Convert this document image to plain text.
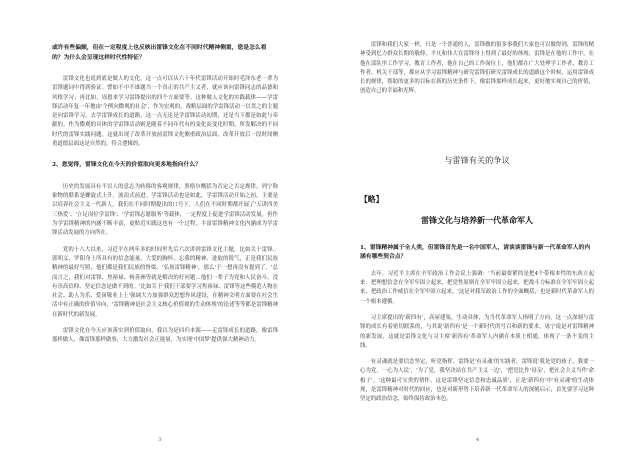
或许有些偏颇，但在一定程度上也反映出雷锋文化在不同时代精神侧重，您是怎么看的？为什么会呈现这样时代性特征？

雷锋文化也说到底是做人的文化，这一点可以从六十年代雷锋活动开始时毛泽东老一辈为雷锋题词中得到验证。譬如不中不谁题当一个真正的共产主义者，就应该向雷锋同志的品德和风格学习；再比如，周恩来学习雷锋提出的四个方面要等。这种做人文化的实践载体——学雷锋活动年复一年地由'个例向微观的社会'，作为宏观的，战略层面的学雷锋活动一以贯之的主题是向雷锋学习，去学雷锋成长的道路，这一点无论是学雷锋活动初期，还是当下都是如此与奉献的。作为微观的具体的学雷锋活动则是随着不同年代有的变化而变化时期，所发解决的不同时代的雷锋实践问题。这就出现了改革开放前雷锋文化侧重政治层面，改革开放后一段时间侧重道德层面这是自然的，符合逻辑的。

2、您觉得，雷锋文化在今天的价值取向更多地指向什么？

历史的发展具有不以人的意志为转移的客观规律，黑格尔概括为否定之否定规律，列宁称象物的联系是螺旋式上升，波浪式前进。学雷锋活动也是如此，学雷锋活动开始之初，主要是以培养社会主义一代新人，我们在不同时期提出的口号下，人们在不同时期都开展了'五讲四美三热爱'、'立足岗位学雷锋'、'学雷锋志愿服务'等载体，一定程度上促进学雷锋活动发展。但作为学雷锋精神的内涵不断丰富，更贴近实践这也有一个过程，丰富雷锋精神文化内涵成为学雷锋活动发展的方向所在。

党的十八大以来，习近平在两年多的时间里先后六次讲到雷锋文化主题，比如关于雷锋、郭明义、罗阳身上所具有的信念能量、大爱的胸怀、忘我的精神、进取的锐气，正是我们民族精神的最好写照，他们都是我们民族的脊梁。'弘扬雷锋精神'，那么'于一想再没有提到了。'总而言之，我们对雷锋、焦裕禄、杨善洲等就是解决的好问题…他们一辈子为党和人民奋斗，没有崇高信仰、坚定信念是做不到的。'比如关于'我们干部要学习焦裕禄、雷锋等这些模范人物在社会、助人为乐、爱岗敬业上上'强调大力加强群众思想作风建设，在精神文明方面要在社会生活中有正确的价值导向，'雷锋精神是社会主义核心价值观的生动体现'的论述等等都是雷锋精神在新时代的新发展。

雷锋文化在今天应该落实到价值取向，我以为是回归本源——走雷锋成长的道路，像雷锋那样做人，像雷锋那样做事，大力激发社会正能量，为实现'中国梦'提供强大精神动力。

3

雷锋和我们大家一样，只是一个普通的人，雷锋做的很多事我们大家也可以做得到，雷锋的精神受到忆力群众长期的敬仰，平凡和伟大在雷锋身上得到了最好的体现。雷锋是在他的工作中，在他在部队里工作学习，教育工作者，他在自己的工作岗位上，他们都在广大处理学工作者、教育工作者、机关干部等，都应从学习雷锋精神与研究雷锋们研究雷锋成长的道路这个时候，运用雷锋成长的规律，帮助的更多的目标在新的历史条件下，像雷锋那样成长起来，更好地实现自己的价值，创造自己的幸福和光辉。

与雷锋有关的争议

【略】

雷锋文化与培养新一代革命军人

1、雷锋精神属于全人类，但雷锋首先是一名中国军人，请谈谈雷锋与新一代革命军人的内涵有哪些契合点？

去年，习近平主席在全军政治工作会议上强调：'当前最要紧的是把4个带根本性的东西立起来：把理想信念在全军牢固立起来，把党性原则在全军牢固立起来，把战斗力标准在全军牢固立起来，把政治工作威信在全军牢固立起来。'这是对我军政治工作的全面概括，也是新时代革命军人的一个根本遵循。

习主席提出的'新四有'，高屋建瓴，生动具体，为当代革命军人指明了方向，这一点深刻与雷锋的成长有着密切联系的，与其说'新四有'是一个新时代的号召和新的要求，毋宁说是对雷锋精神的新发展，这就是雷锋文化与习主席'新四有'革命军人内涵在本质上相通，体现了一条不变的主线。

有灵魂就是要信念坚定、听党指挥。雷锋是'有灵魂'的实践者，雷锋说'我是党的孩子，我要一心为党，一心为人民'，'为了党，我坚决站在共产主义一边'，'把党比作'母亲'，把社会主义当作'命根子'。'这种最可宝贵的情怀，这是雷锋坚定信念和忠诚品质'，正是'新四有'中'有灵魂'的生动体现，是雷锋精神对时代的回应，也是对新形势下培养新一代革命军人的深刻启示，首先要学习这种坚定的政治信念，始终保持政治本色。

4
